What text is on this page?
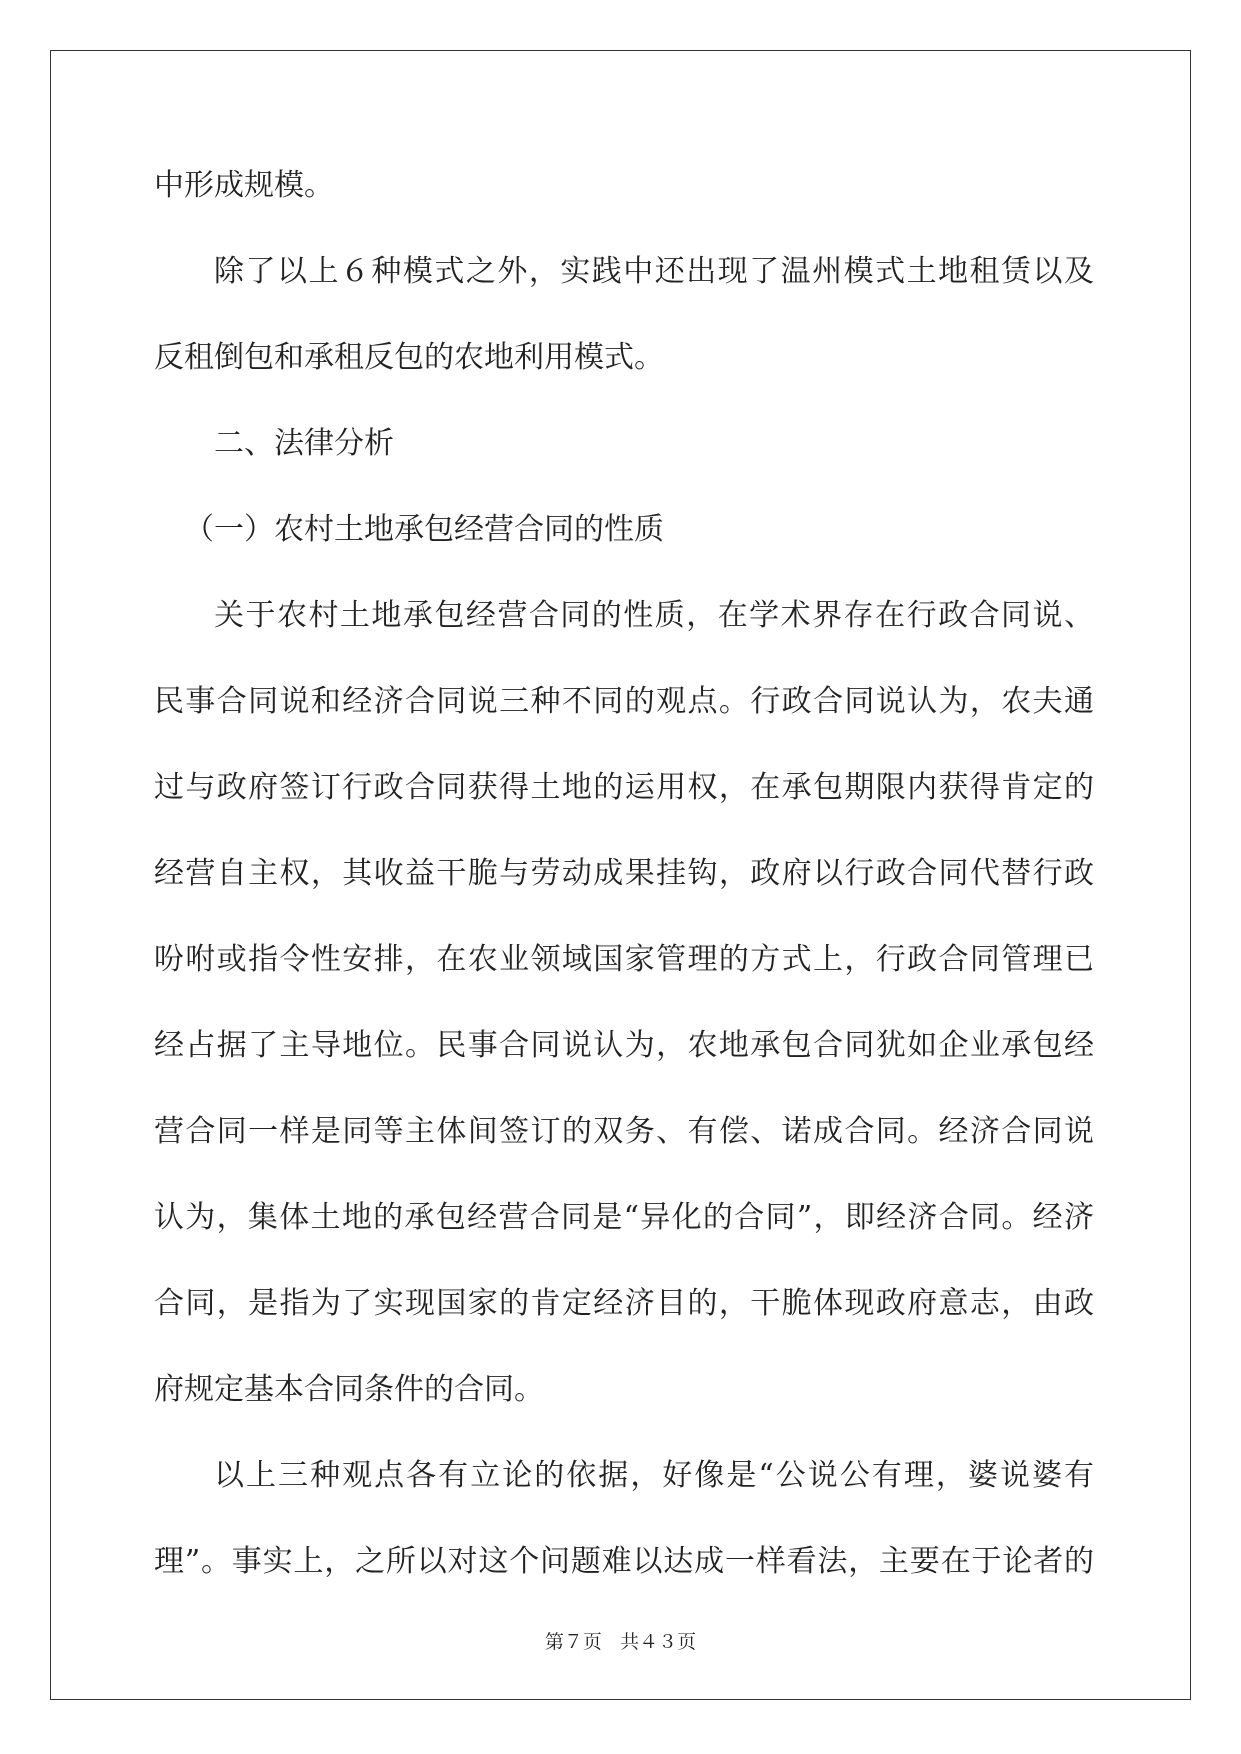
中形成规模。
除了以上６种模式之外，实践中还出现了温州模式土地租赁以及
反租倒包和承租反包的农地利用模式。
二、法律分析
（一）农村土地承包经营合同的性质
关于农村土地承包经营合同的性质，在学术界存在行政合同说、
民事合同说和经济合同说三种不同的观点。行政合同说认为，农夫通
过与政府签订行政合同获得土地的运用权，在承包期限内获得肯定的
经营自主权，其收益干脆与劳动成果挂钩，政府以行政合同代替行政
吩咐或指令性安排，在农业领域国家管理的方式上，行政合同管理已
经占据了主导地位。民事合同说认为，农地承包合同犹如企业承包经
营合同一样是同等主体间签订的双务、有偿、诺成合同。经济合同说
认为，集体土地的承包经营合同是“异化的合同”，即经济合同。经济
合同，是指为了实现国家的肯定经济目的，干脆体现政府意志，由政
府规定基本合同条件的合同。
以上三种观点各有立论的依据，好像是“公说公有理，婆说婆有
理”。事实上，之所以对这个问题难以达成一样看法，主要在于论者的
第７页 共４３页
